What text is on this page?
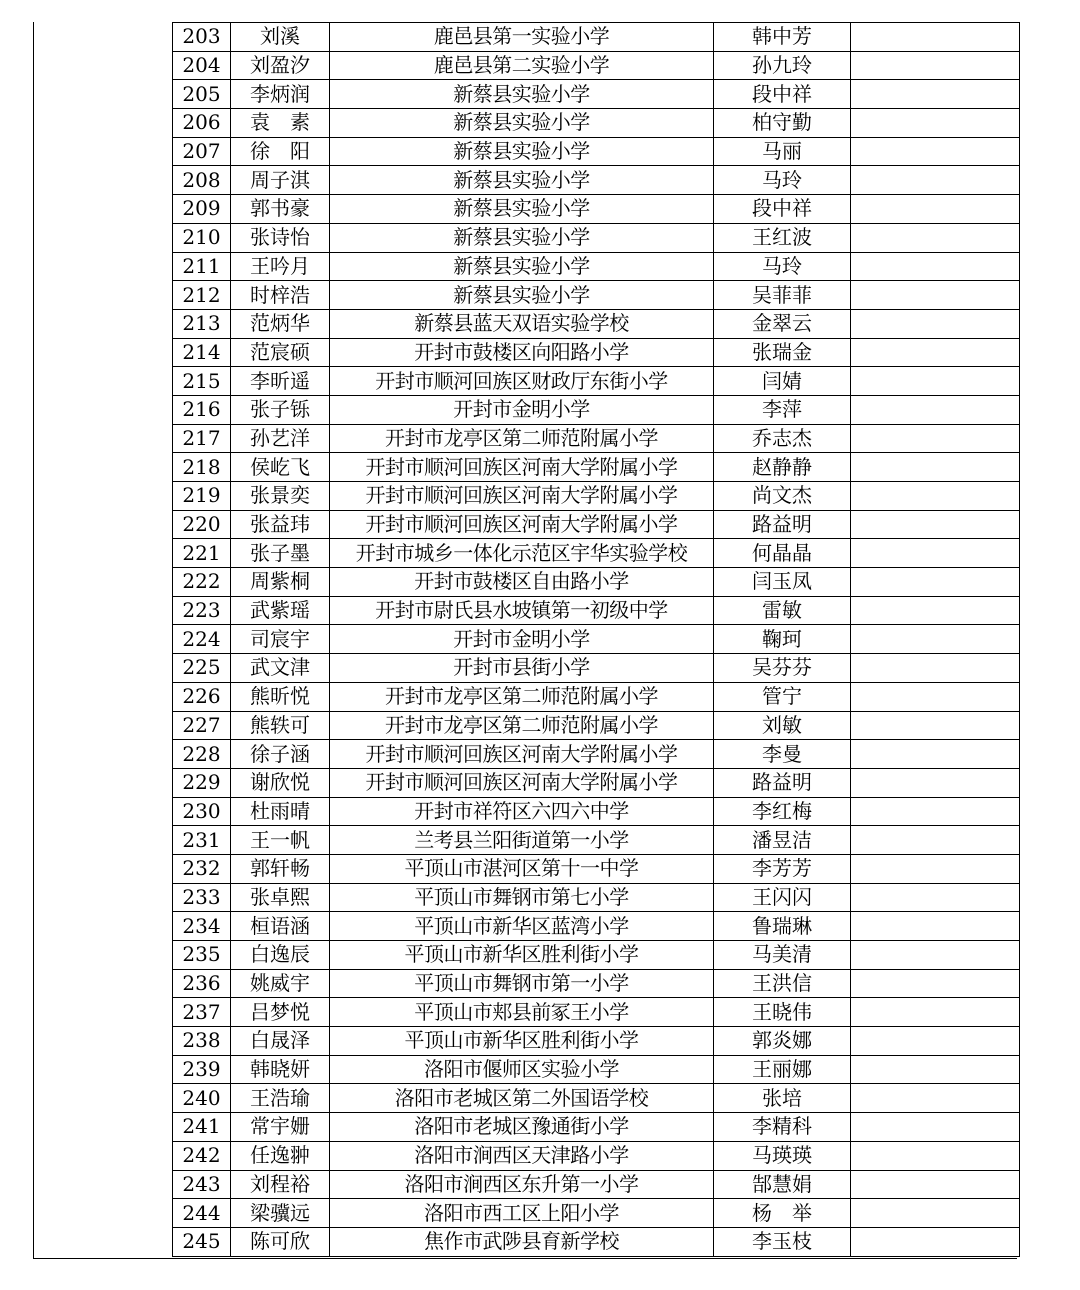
203	刘溪	鹿邑县第一实验小学	韩中芳	
204	刘盈汐	鹿邑县第二实验小学	孙九玲	
205	李炳润	新蔡县实验小学	段中祥	
206	袁　素	新蔡县实验小学	柏守勤	
207	徐　阳	新蔡县实验小学	马丽	
208	周子淇	新蔡县实验小学	马玲	
209	郭书豪	新蔡县实验小学	段中祥	
210	张诗怡	新蔡县实验小学	王红波	
211	王吟月	新蔡县实验小学	马玲	
212	时梓浩	新蔡县实验小学	吴菲菲	
213	范炳华	新蔡县蓝天双语实验学校	金翠云	
214	范宸硕	开封市鼓楼区向阳路小学	张瑞金	
215	李昕遥	开封市顺河回族区财政厅东街小学	闫婧	
216	张子铄	开封市金明小学	李萍	
217	孙艺洋	开封市龙亭区第二师范附属小学	乔志杰	
218	侯屹飞	开封市顺河回族区河南大学附属小学	赵静静	
219	张景奕	开封市顺河回族区河南大学附属小学	尚文杰	
220	张益玮	开封市顺河回族区河南大学附属小学	路益明	
221	张子墨	开封市城乡一体化示范区宇华实验学校	何晶晶	
222	周紫桐	开封市鼓楼区自由路小学	闫玉凤	
223	武紫瑶	开封市尉氏县水坡镇第一初级中学	雷敏	
224	司宸宇	开封市金明小学	鞠珂	
225	武文津	开封市县街小学	吴芬芬	
226	熊昕悦	开封市龙亭区第二师范附属小学	管宁	
227	熊轶可	开封市龙亭区第二师范附属小学	刘敏	
228	徐子涵	开封市顺河回族区河南大学附属小学	李曼	
229	谢欣悦	开封市顺河回族区河南大学附属小学	路益明	
230	杜雨晴	开封市祥符区六四六中学	李红梅	
231	王一帆	兰考县兰阳街道第一小学	潘昱洁	
232	郭轩畅	平顶山市湛河区第十一中学	李芳芳	
233	张卓熙	平顶山市舞钢市第七小学	王闪闪	
234	桓语涵	平顶山市新华区蓝湾小学	鲁瑞琳	
235	白逸辰	平顶山市新华区胜利街小学	马美清	
236	姚威宇	平顶山市舞钢市第一小学	王洪信	
237	吕梦悦	平顶山市郏县前冢王小学	王晓伟	
238	白晟泽	平顶山市新华区胜利街小学	郭炎娜	
239	韩晓妍	洛阳市偃师区实验小学	王丽娜	
240	王浩瑜	洛阳市老城区第二外国语学校	张培	
241	常宇姗	洛阳市老城区豫通街小学	李精科	
242	任逸翀	洛阳市涧西区天津路小学	马瑛瑛	
243	刘程裕	洛阳市涧西区东升第一小学	郜慧娟	
244	梁骥远	洛阳市西工区上阳小学	杨　举	
245	陈可欣	焦作市武陟县育新学校	李玉枝	
